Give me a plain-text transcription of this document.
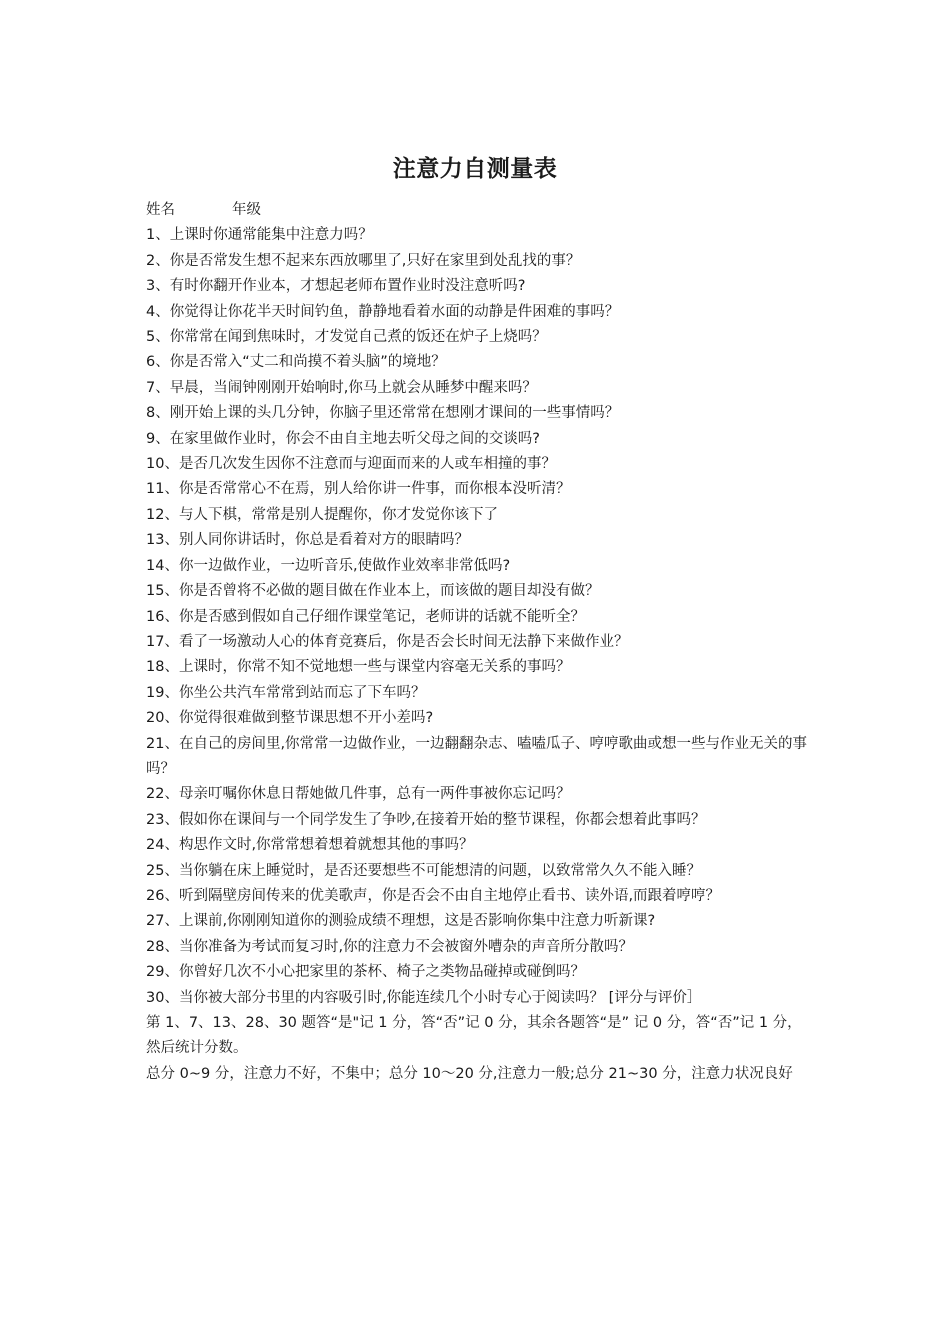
注意力自测量表

姓名	年级

1、上课时你通常能集中注意力吗？

2、你是否常发生想不起来东西放哪里了,只好在家里到处乱找的事？

3、有时你翻开作业本，才想起老师布置作业时没注意听吗?

4、你觉得让你花半天时间钓鱼，静静地看着水面的动静是件困难的事吗？

5、你常常在闻到焦味时，才发觉自己煮的饭还在炉子上烧吗？

6、你是否常入“丈二和尚摸不着头脑”的境地？

7、早晨，当闹钟刚刚开始响时,你马上就会从睡梦中醒来吗？

8、刚开始上课的头几分钟，你脑子里还常常在想刚才课间的一些事情吗？

9、在家里做作业时，你会不由自主地去听父母之间的交谈吗?

10、是否几次发生因你不注意而与迎面而来的人或车相撞的事？

11、你是否常常心不在焉，别人给你讲一件事，而你根本没听清？

12、与人下棋，常常是别人提醒你，你才发觉你该下了

13、别人同你讲话时，你总是看着对方的眼睛吗？

14、你一边做作业，一边听音乐,使做作业效率非常低吗?

15、你是否曾将不必做的题目做在作业本上，而该做的题目却没有做？

16、你是否感到假如自己仔细作课堂笔记，老师讲的话就不能听全？

17、看了一场激动人心的体育竞赛后，你是否会长时间无法静下来做作业？

18、上课时，你常不知不觉地想一些与课堂内容毫无关系的事吗？

19、你坐公共汽车常常到站而忘了下车吗？

20、你觉得很难做到整节课思想不开小差吗?

21、在自己的房间里,你常常一边做作业，一边翻翻杂志、嗑嗑瓜子、哼哼歌曲或想一些与作业无关的事吗？

22、母亲叮嘱你休息日帮她做几件事，总有一两件事被你忘记吗？

23、假如你在课间与一个同学发生了争吵,在接着开始的整节课程，你都会想着此事吗？

24、构思作文时,你常常想着想着就想其他的事吗？

25、当你躺在床上睡觉时，是否还要想些不可能想清的问题，以致常常久久不能入睡？

26、听到隔壁房间传来的优美歌声，你是否会不由自主地停止看书、读外语,而跟着哼哼？

27、上课前,你刚刚知道你的测验成绩不理想，这是否影响你集中注意力听新课?

28、当你准备为考试而复习时,你的注意力不会被窗外嘈杂的声音所分散吗？

29、你曾好几次不小心把家里的茶杯、椅子之类物品碰掉或碰倒吗？

30、当你被大部分书里的内容吸引时,你能连续几个小时专心于阅读吗？ [评分与评价］

第 1、7、13、28、30 题答“是"记 1 分，答“否”记 0 分，其余各题答“是” 记 0 分，答“否”记 1 分，然后统计分数。

总分 0~9 分，注意力不好，不集中；总分 10～20 分,注意力一般;总分 21~30 分，注意力状况良好
